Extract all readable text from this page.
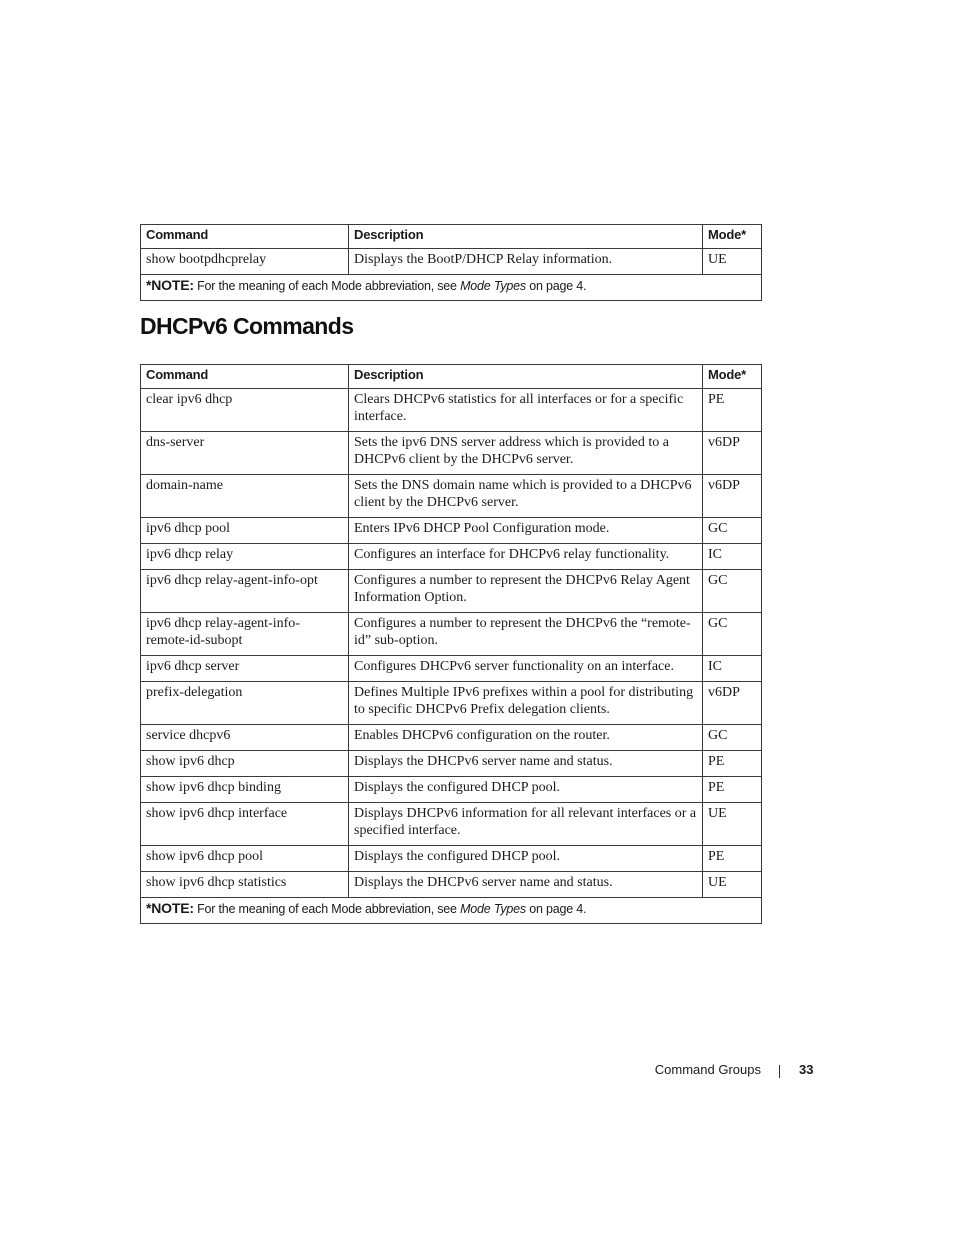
Command	Description	Mode*
show bootpdhcprelay	Displays the BootP/DHCP Relay information.	UE
*NOTE: For the meaning of each Mode abbreviation, see Mode Types on page 4.		
DHCPv6 Commands
Command	Description	Mode*
clear ipv6 dhcp	Clears DHCPv6 statistics for all interfaces or for a specific interface.	PE
dns-server	Sets the ipv6 DNS server address which is provided to a DHCPv6 client by the DHCPv6 server.	v6DP
domain-name	Sets the DNS domain name which is provided to a DHCPv6 client by the DHCPv6 server.	v6DP
ipv6 dhcp pool	Enters IPv6 DHCP Pool Configuration mode.	GC
ipv6 dhcp relay	Configures an interface for DHCPv6 relay functionality.	IC
ipv6 dhcp relay-agent-info-opt	Configures a number to represent the DHCPv6 Relay Agent Information Option.	GC
ipv6 dhcp relay-agent-info-remote-id-subopt	Configures a number to represent the DHCPv6 the “remote-id” sub-option.	GC
ipv6 dhcp server	Configures DHCPv6 server functionality on an interface.	IC
prefix-delegation	Defines Multiple IPv6 prefixes within a pool for distributing to specific DHCPv6 Prefix delegation clients.	v6DP
service dhcpv6	Enables DHCPv6 configuration on the router.	GC
show ipv6 dhcp	Displays the DHCPv6 server name and status.	PE
show ipv6 dhcp binding	Displays the configured DHCP pool.	PE
show ipv6 dhcp interface	Displays DHCPv6 information for all relevant interfaces or a specified interface.	UE
show ipv6 dhcp pool	Displays the configured DHCP pool.	PE
show ipv6 dhcp statistics	Displays the DHCPv6 server name and status.	UE
*NOTE: For the meaning of each Mode abbreviation, see Mode Types on page 4.		
Command Groups	33
